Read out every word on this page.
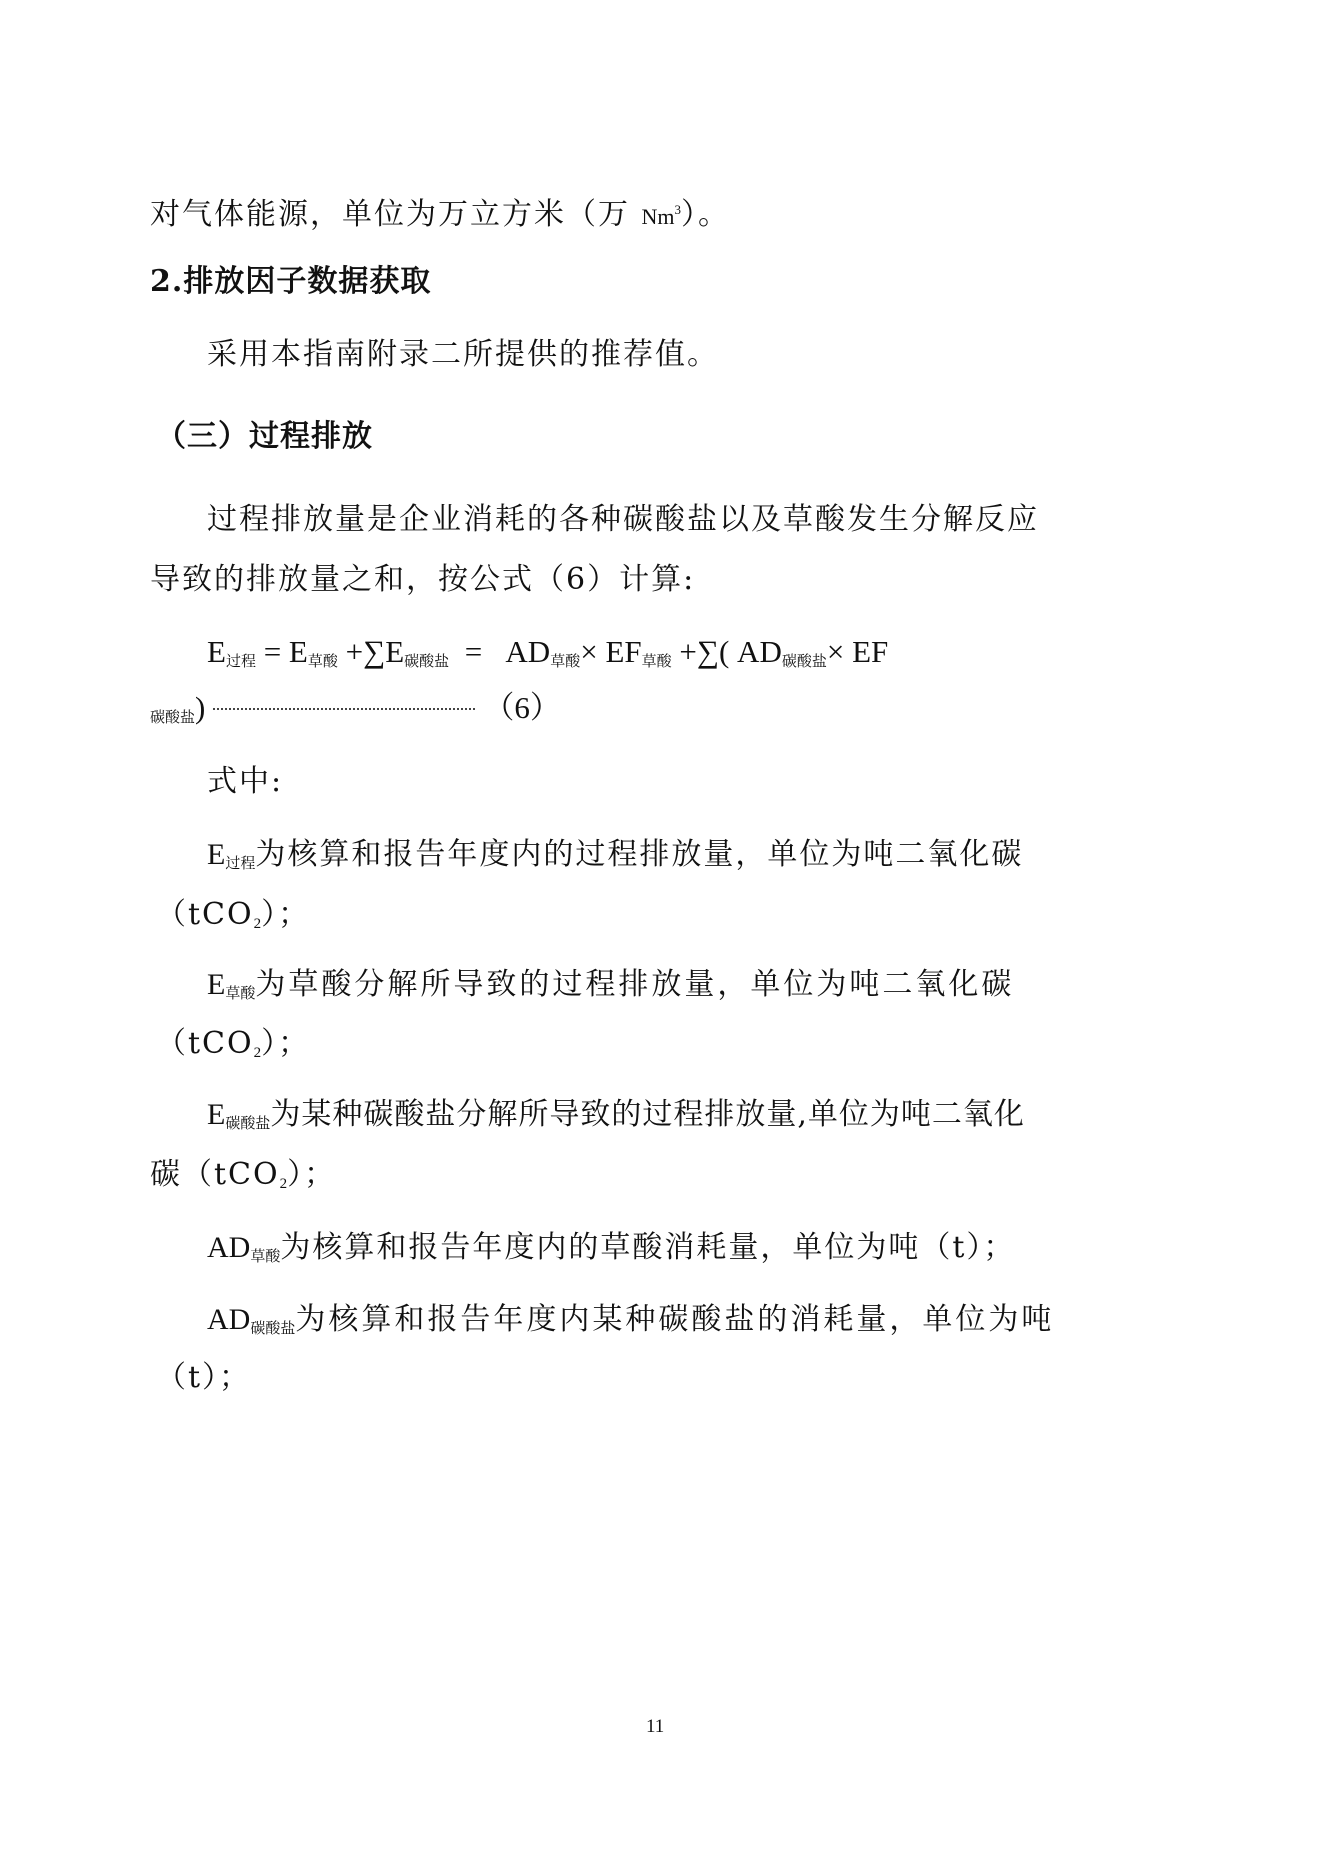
对气体能源，单位为万立方米（万 Nm$^3$）。
2.排放因子数据获取
采用本指南附录二所提供的推荐值。
（三）过程排放
过程排放量是企业消耗的各种碳酸盐以及草酸发生分解反应
导致的排放量之和，按公式（6）计算:
$E_{过程} = E_{草酸} +\sum E_{碳酸盐} = AD_{草酸}\times EF_{草酸}$ +∑( $AD_{碳酸盐}\times$ EF
$_{碳酸盐}$)	（6）
式中:
$E_{过程}$为核算和报告年度内的过程排放量，单位为吨二氧化碳
（tCO$_2$）；
$E_{草酸}$为草酸分解所导致的过程排放量，单位为吨二氧化碳
（tCO$_2$）；
$E_{碳酸盐}$为某种碳酸盐分解所导致的过程排放量,单位为吨二氧化
碳（tCO$_2$）；
$AD_{草酸}$为核算和报告年度内的草酸消耗量，单位为吨（t）；
$AD_{碳酸盐}$为核算和报告年度内某种碳酸盐的消耗量，单位为吨
（t）；
11
